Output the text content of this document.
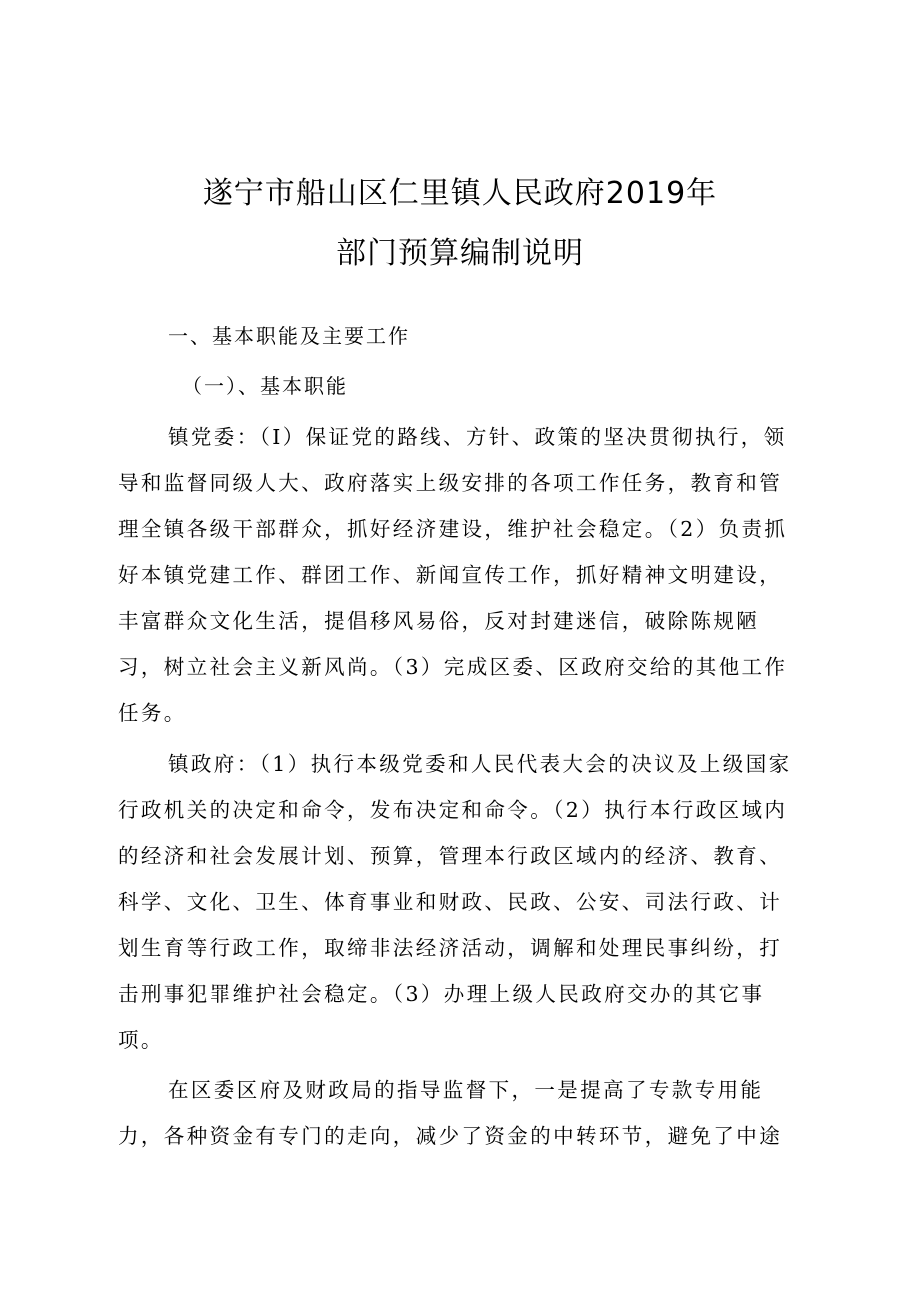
遂宁市船山区仁里镇人民政府2019年
部门预算编制说明
一、基本职能及主要工作
（一）、基本职能
镇党委：（I）保证党的路线、方针、政策的坚决贯彻执行，领
导和监督同级人大、政府落实上级安排的各项工作任务，教育和管
理全镇各级干部群众，抓好经济建设，维护社会稳定。（2）负责抓
好本镇党建工作、群团工作、新闻宣传工作，抓好精神文明建设，
丰富群众文化生活，提倡移风易俗，反对封建迷信，破除陈规陋
习，树立社会主义新风尚。（3）完成区委、区政府交给的其他工作
任务。
镇政府：（1）执行本级党委和人民代表大会的决议及上级国家
行政机关的决定和命令，发布决定和命令。（2）执行本行政区域内
的经济和社会发展计划、预算，管理本行政区域内的经济、教育、
科学、文化、卫生、体育事业和财政、民政、公安、司法行政、计
划生育等行政工作，取缔非法经济活动，调解和处理民事纠纷，打
击刑事犯罪维护社会稳定。（3）办理上级人民政府交办的其它事
项。
在区委区府及财政局的指导监督下，一是提高了专款专用能
力，各种资金有专门的走向，减少了资金的中转环节，避免了中途
